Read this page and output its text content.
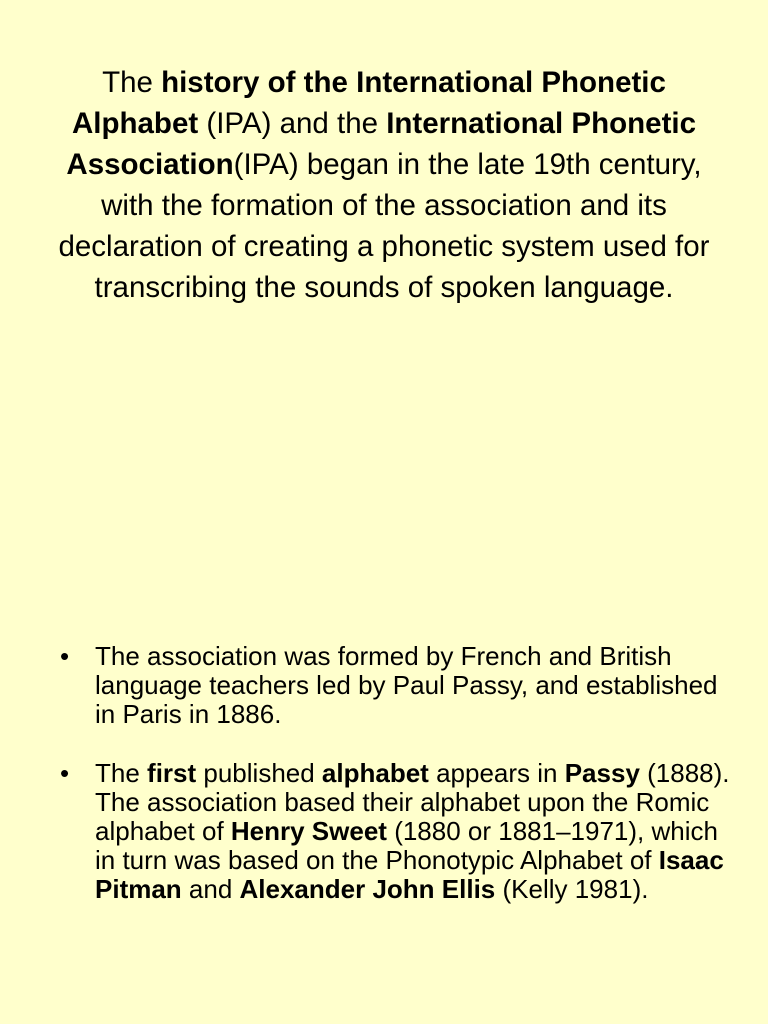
The history of the International Phonetic Alphabet (IPA) and the International Phonetic Association(IPA) began in the late 19th century, with the formation of the association and its declaration of creating a phonetic system used for transcribing the sounds of spoken language.
• The association was formed by French and British language teachers led by Paul Passy, and established in Paris in 1886.
• The first published alphabet appears in Passy (1888). The association based their alphabet upon the Romic alphabet of Henry Sweet (1880 or 1881–1971), which in turn was based on the Phonotypic Alphabet of Isaac Pitman and Alexander John Ellis (Kelly 1981).
